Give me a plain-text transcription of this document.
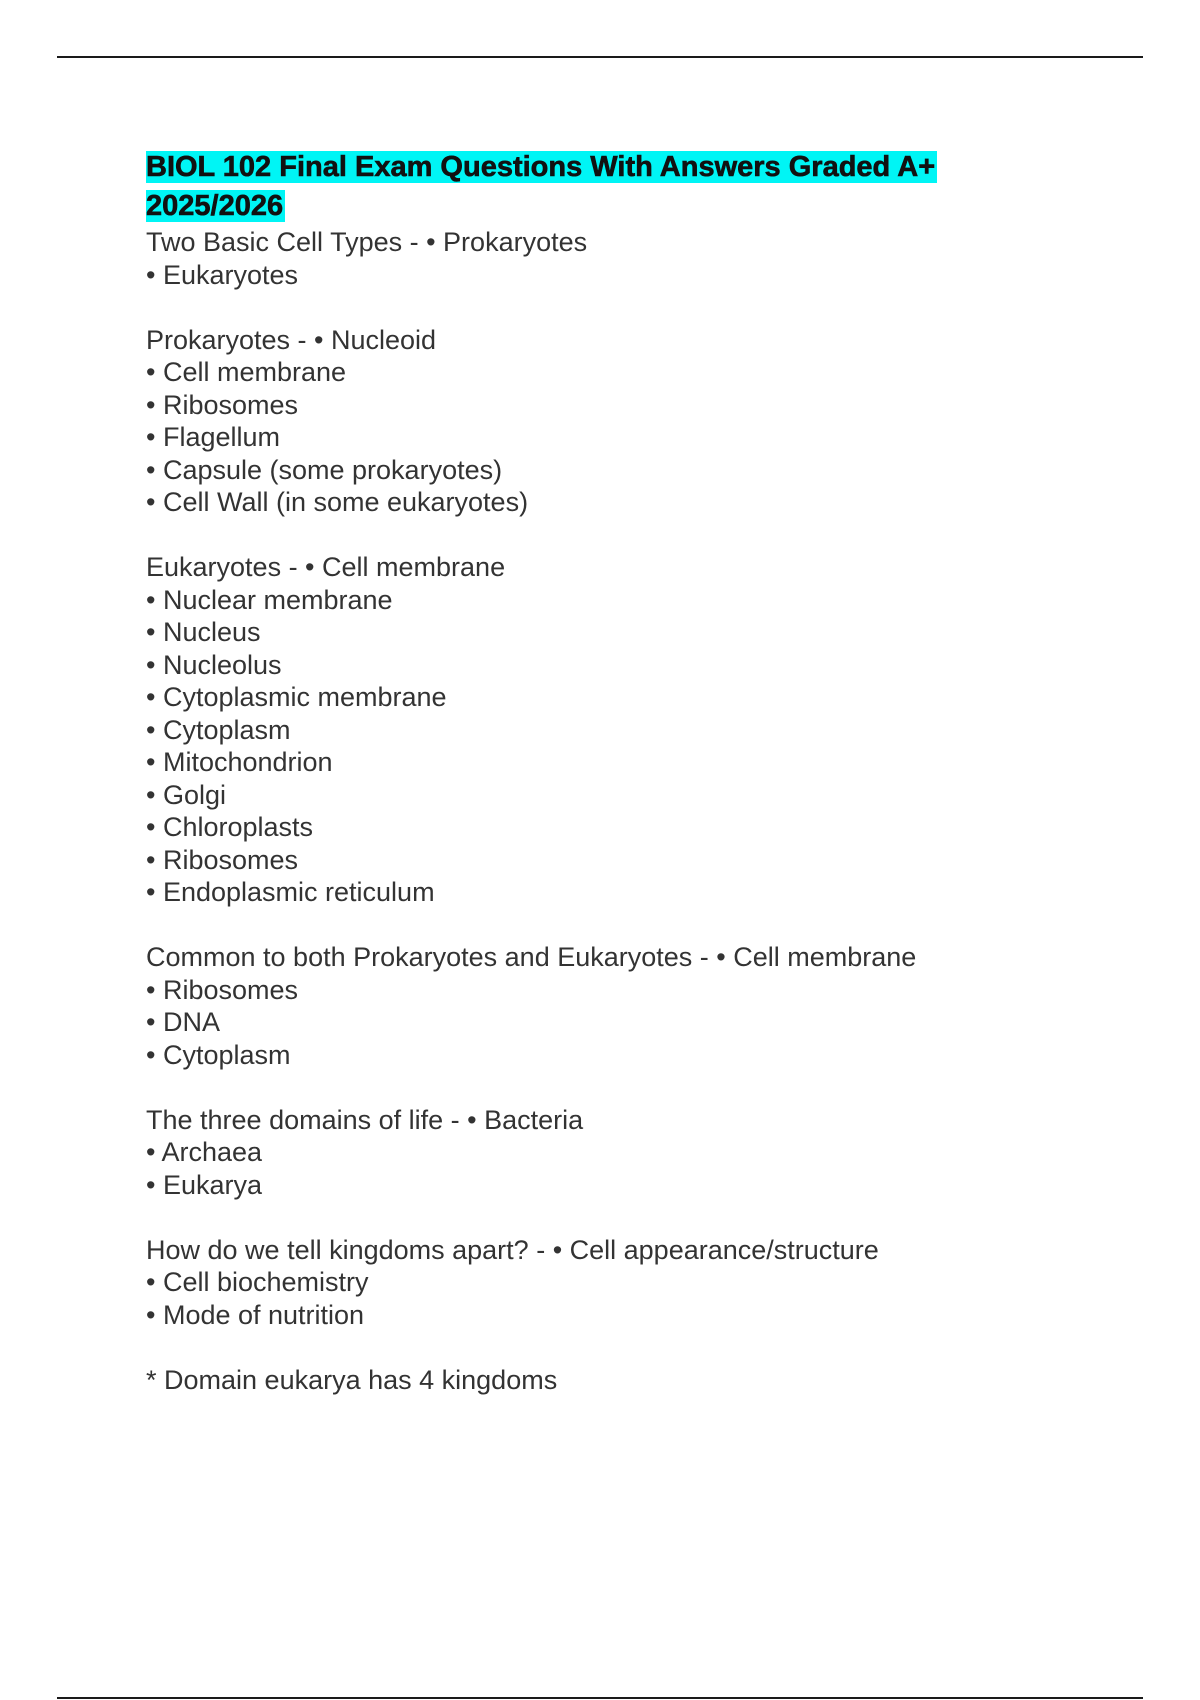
BIOL 102 Final Exam Questions With Answers Graded A+ 2025/2026
Two Basic Cell Types - • Prokaryotes
• Eukaryotes
Prokaryotes - • Nucleoid
• Cell membrane
• Ribosomes
• Flagellum
• Capsule (some prokaryotes)
• Cell Wall (in some eukaryotes)
Eukaryotes - • Cell membrane
• Nuclear membrane
• Nucleus
• Nucleolus
• Cytoplasmic membrane
• Cytoplasm
• Mitochondrion
• Golgi
• Chloroplasts
• Ribosomes
• Endoplasmic reticulum
Common to both Prokaryotes and Eukaryotes - • Cell membrane
• Ribosomes
• DNA
• Cytoplasm
The three domains of life - • Bacteria
• Archaea
• Eukarya
How do we tell kingdoms apart? - • Cell appearance/structure
• Cell biochemistry
• Mode of nutrition

* Domain eukarya has 4 kingdoms
